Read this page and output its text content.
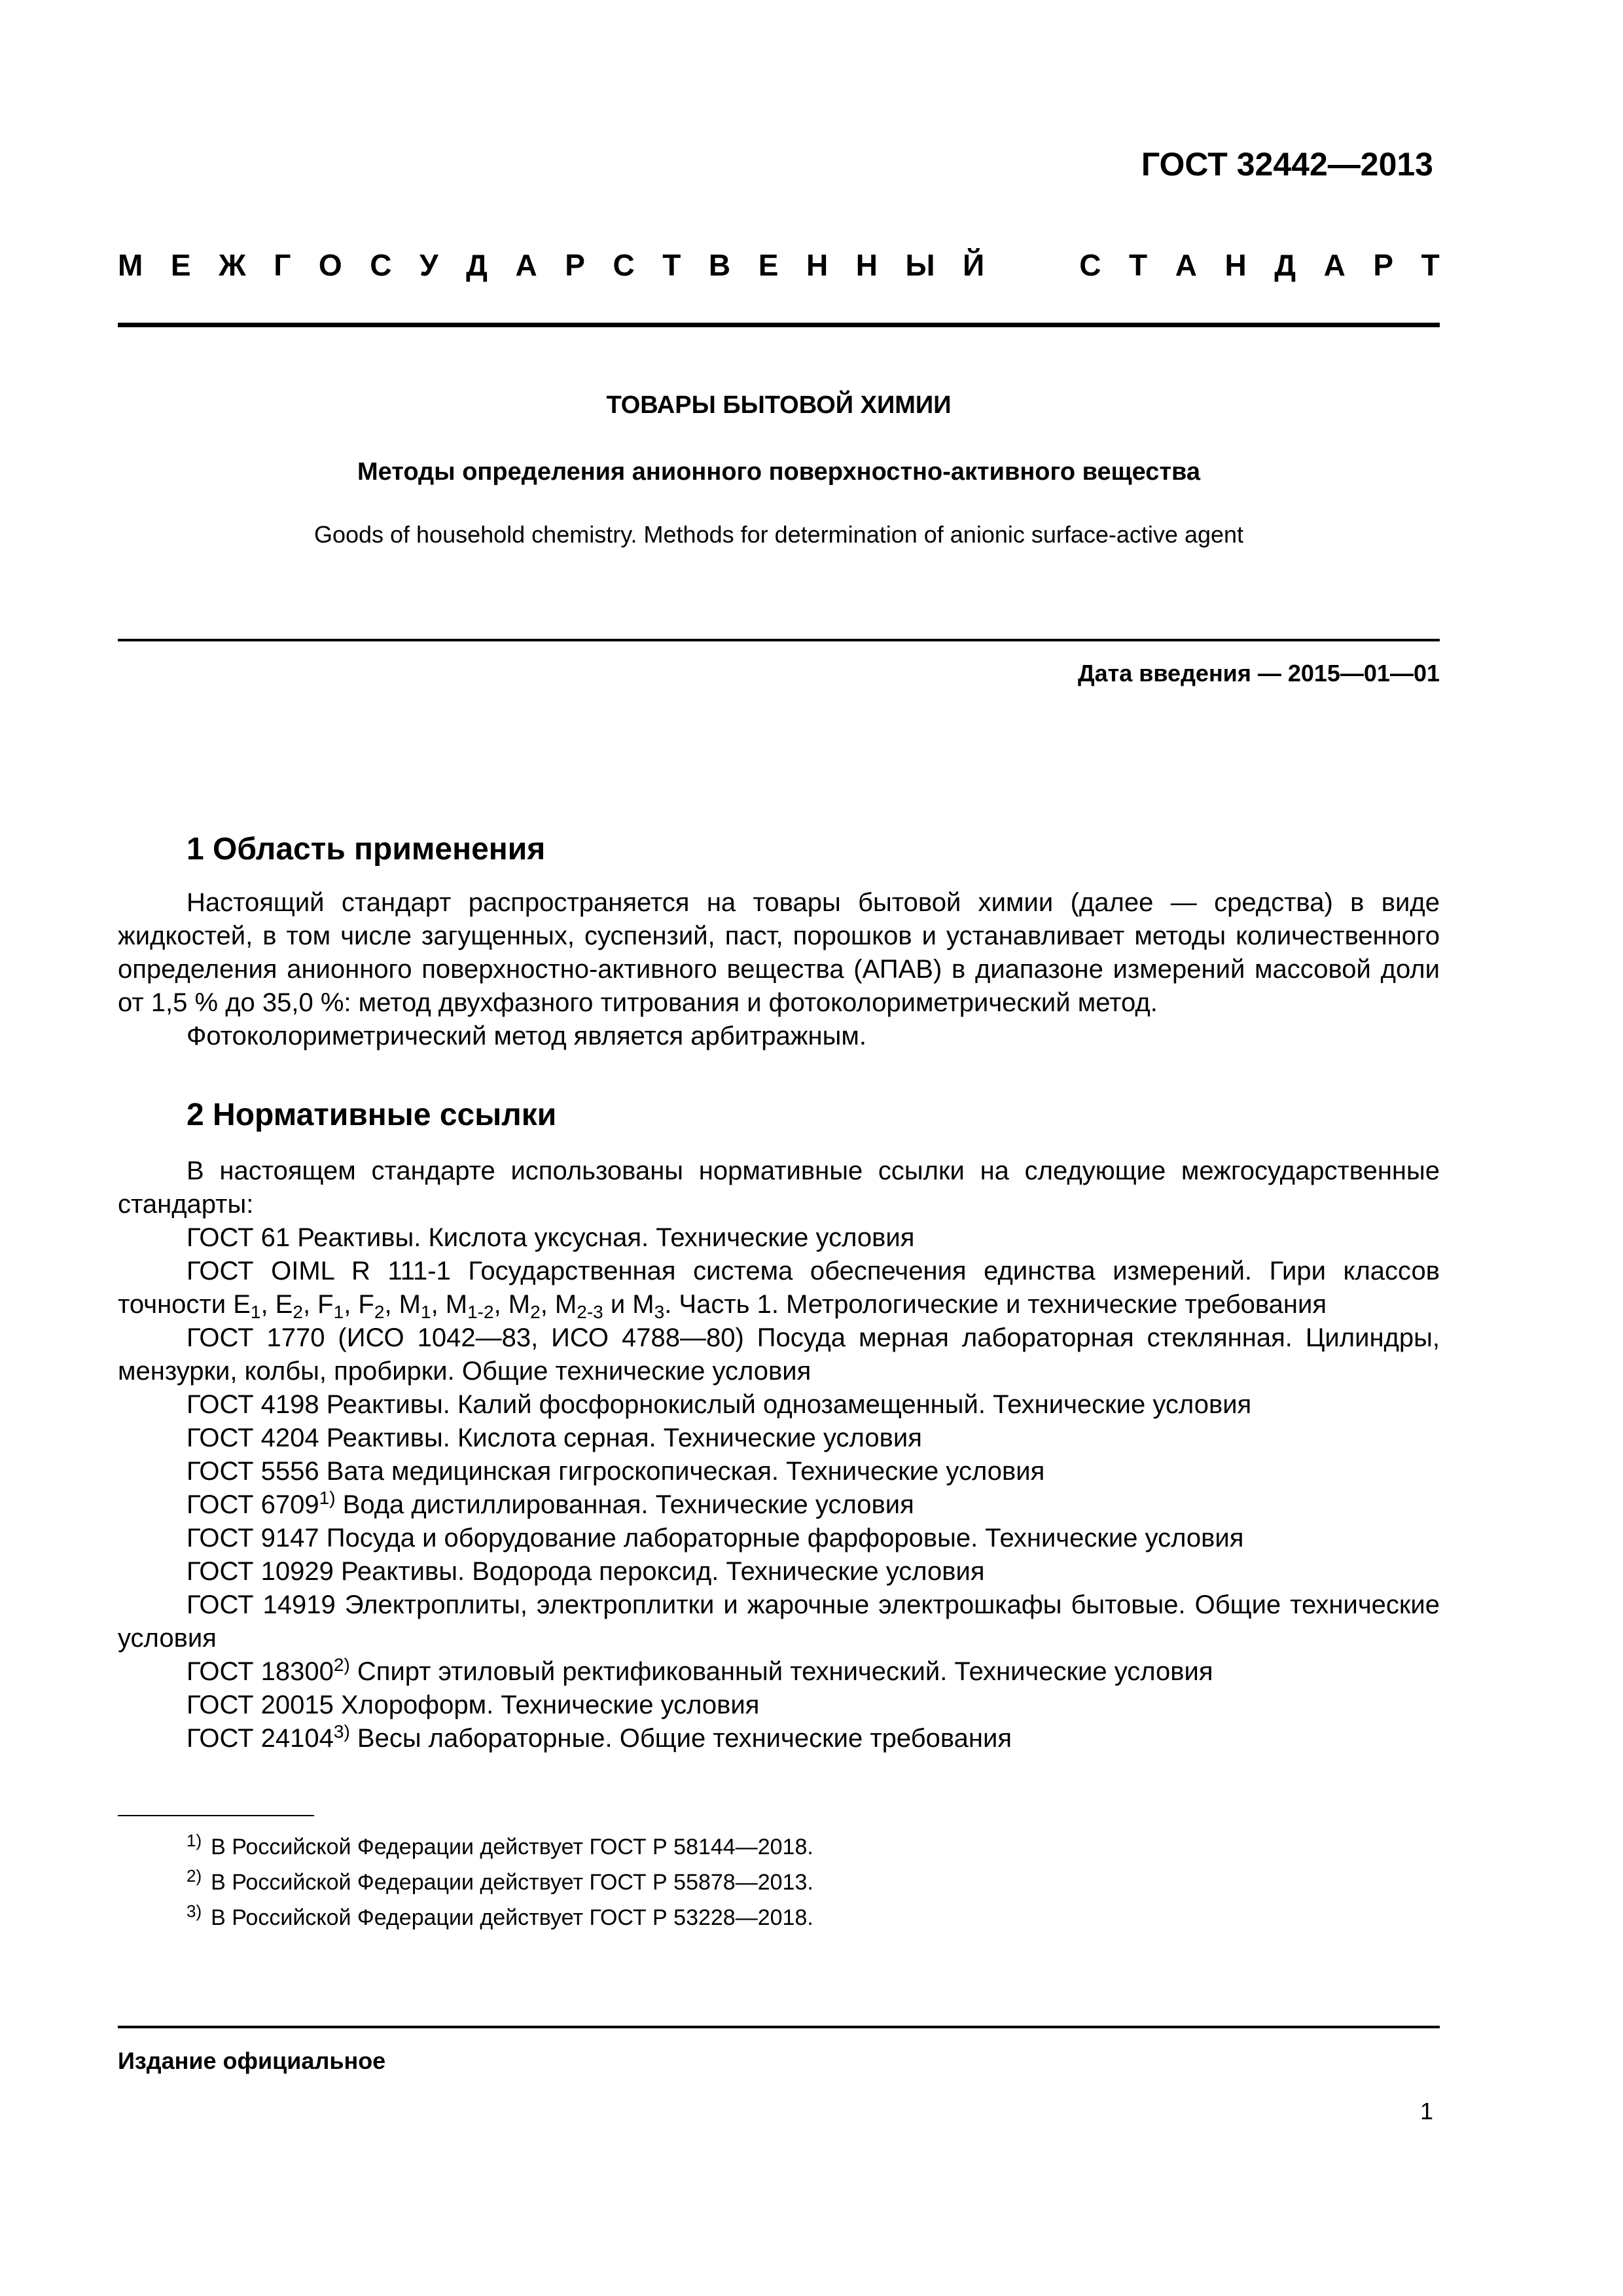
ГОСТ 32442—2013
М Е Ж Г О С У Д А Р С Т В Е Н Н Ы Й	С Т А Н Д А Р Т
ТОВАРЫ БЫТОВОЙ ХИМИИ
Методы определения анионного поверхностно-активного вещества
Goods of household chemistry. Methods for determination of anionic surface-active agent
Дата введения — 2015—01—01
1 Область применения

Настоящий стандарт распространяется на товары бытовой химии (далее — средства) в виде жидкостей, в том числе загущенных, суспензий, паст, порошков и устанавливает методы количественного определения анионного поверхностно-активного вещества (АПАВ) в диапазоне измерений массовой доли от 1,5 % до 35,0 %: метод двухфазного титрования и фотоколориметрический метод.

Фотоколориметрический метод является арбитражным.

2 Нормативные ссылки

В настоящем стандарте использованы нормативные ссылки на следующие межгосударственные стандарты:

ГОСТ 61 Реактивы. Кислота уксусная. Технические условия

ГОСТ OIML R 111-1 Государственная система обеспечения единства измерений. Гири классов точности $E_1$, $E_2$, $F_1$, $F_2$, $M_1$, $M_{1-2}$, $M_2$, $M_{2-3}$ и $M_3$. Часть 1. Метрологические и технические требования

ГОСТ 1770 (ИСО 1042—83, ИСО 4788—80) Посуда мерная лабораторная стеклянная. Цилиндры, мензурки, колбы, пробирки. Общие технические условия

ГОСТ 4198 Реактивы. Калий фосфорнокислый однозамещенный. Технические условия

ГОСТ 4204 Реактивы. Кислота серная. Технические условия

ГОСТ 5556 Вата медицинская гигроскопическая. Технические условия

ГОСТ 6709$^{1)}$ Вода дистиллированная. Технические условия

ГОСТ 9147 Посуда и оборудование лабораторные фарфоровые. Технические условия

ГОСТ 10929 Реактивы. Водорода пероксид. Технические условия

ГОСТ 14919 Электроплиты, электроплитки и жарочные электрошкафы бытовые. Общие технические условия

ГОСТ 18300$^{2)}$ Спирт этиловый ректификованный технический. Технические условия

ГОСТ 20015 Хлороформ. Технические условия

ГОСТ 24104$^{3)}$ Весы лабораторные. Общие технические требования

$^{1)}$ В Российской Федерации действует ГОСТ Р 58144—2018.
$^{2)}$ В Российской Федерации действует ГОСТ Р 55878—2013.
$^{3)}$ В Российской Федерации действует ГОСТ Р 53228—2018.
Издание официальное
1
